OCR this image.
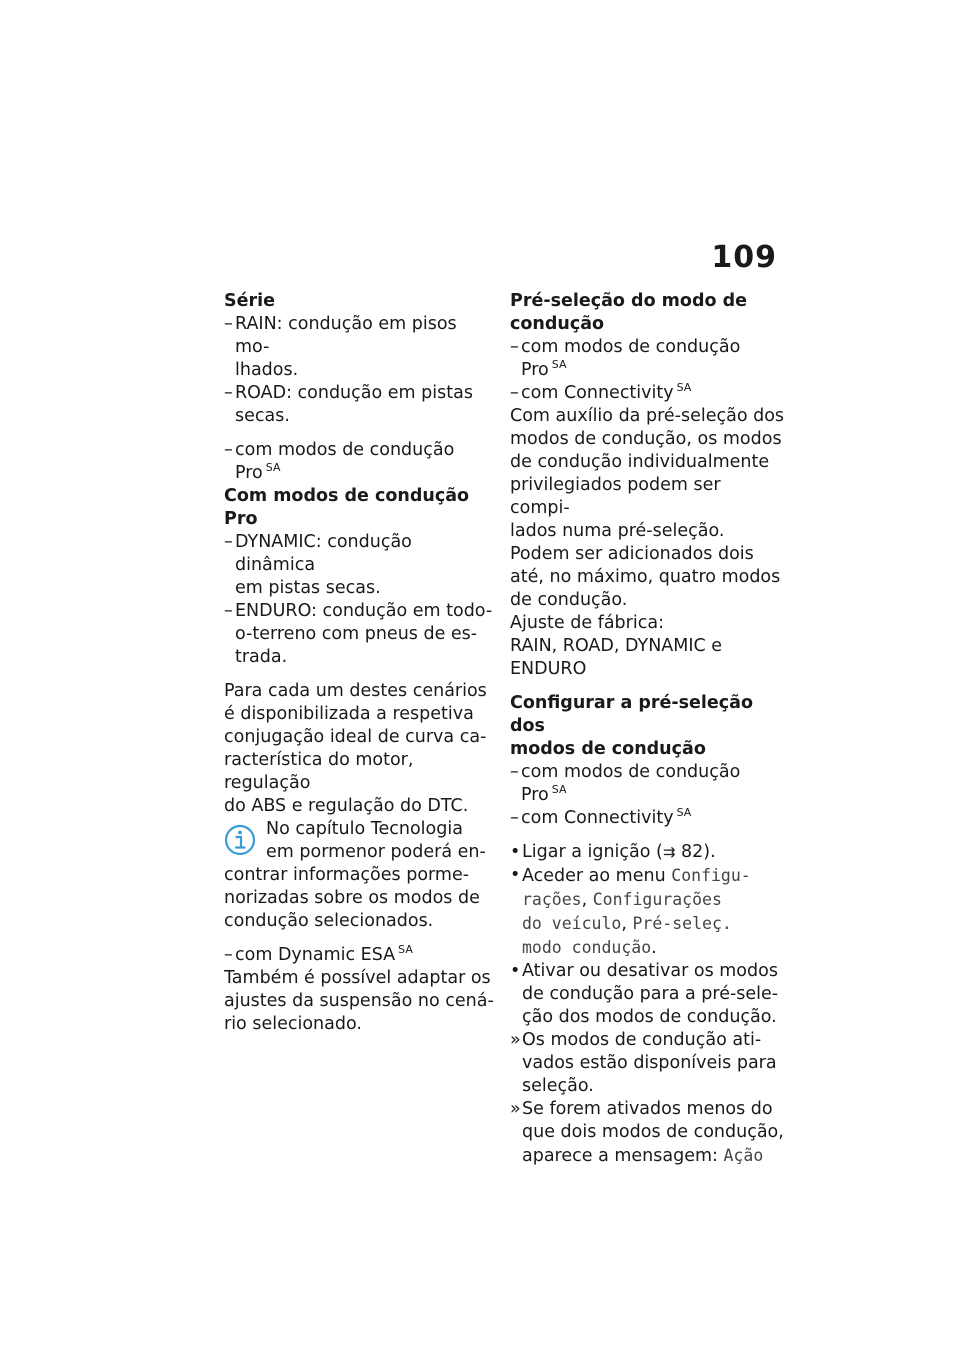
109
Série
– RAIN: condução em pisos mo-
lhados.
– ROAD: condução em pistas
secas.
– com modos de condução
Pro $^{SA}$
Com modos de condução Pro
– DYNAMIC: condução dinâmica
em pistas secas.
– ENDURO: condução em todo-
o-terreno com pneus de es-
trada.
Para cada um destes cenários
é disponibilizada a respetiva
conjugação ideal de curva ca-
racterística do motor, regulação
do ABS e regulação do DTC.
No capítulo Tecnologia
em pormenor poderá en-
contrar informações porme-
norizadas sobre os modos de
condução selecionados.
– com Dynamic ESA $^{SA}$
Também é possível adaptar os
ajustes da suspensão no cená-
rio selecionado.
Pré-seleção do modo de
condução
– com modos de condução
Pro $^{SA}$
– com Connectivity $^{SA}$
Com auxílio da pré-seleção dos
modos de condução, os modos
de condução individualmente
privilegiados podem ser compi-
lados numa pré-seleção.
Podem ser adicionados dois
até, no máximo, quatro modos
de condução.
Ajuste de fábrica:
RAIN, ROAD, DYNAMIC e
ENDURO
Configurar a pré-seleção dos
modos de condução
– com modos de condução
Pro $^{SA}$
– com Connectivity $^{SA}$
• Ligar a ignição (⇉ 82).
• Aceder ao menu Configu-
rações, Configurações
do veículo, Pré-seleç.
modo condução.
• Ativar ou desativar os modos
de condução para a pré-sele-
ção dos modos de condução.
» Os modos de condução ati-
vados estão disponíveis para
seleção.
» Se forem ativados menos do
que dois modos de condução,
aparece a mensagem: Ação
